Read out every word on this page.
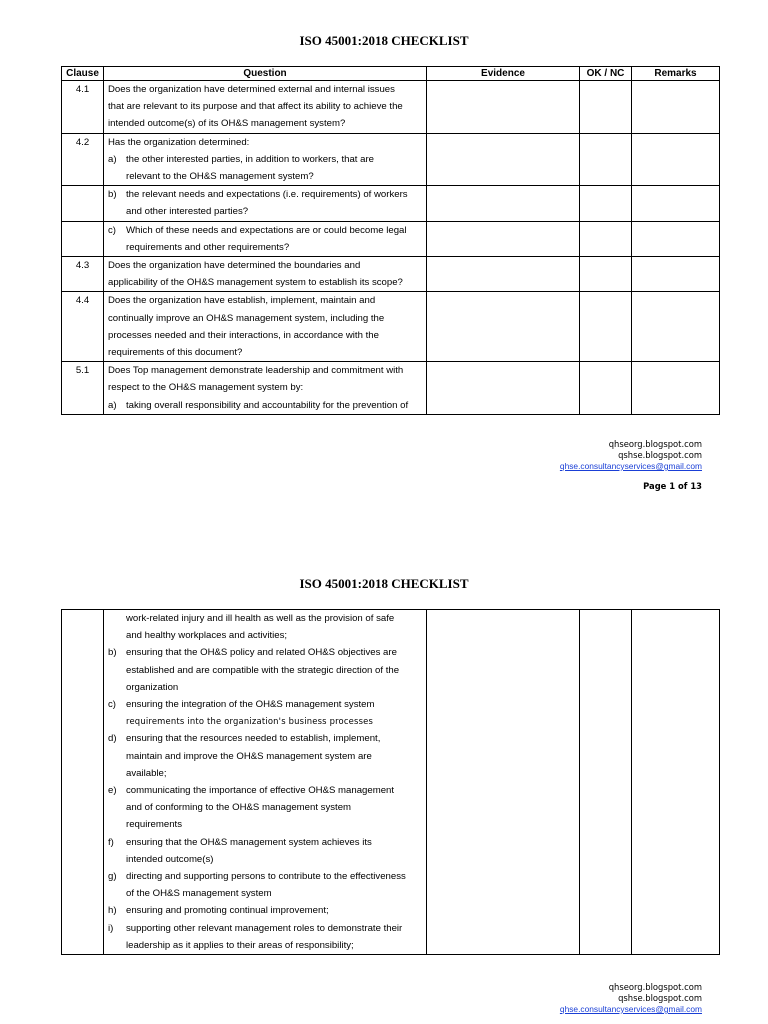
ISO 45001:2018 CHECKLIST
Clause	Question	Evidence	OK / NC	Remarks
4.1	Does the organization have determined external and internal issues
that are relevant to its purpose and that affect its ability to achieve the
intended outcome(s) of its OH&S management system?			

4.2	Has the organization determined:
a) the other interested parties, in addition to workers, that are
relevant to the OH&S management system?			

	b) the relevant needs and expectations (i.e. requirements) of workers
and other interested parties?			

	c) Which of these needs and expectations are or could become legal
requirements and other requirements?			

4.3	Does the organization have determined the boundaries and
applicability of the OH&S management system to establish its scope?			

4.4	Does the organization have establish, implement, maintain and
continually improve an OH&S management system, including the
processes needed and their interactions, in accordance with the
requirements of this document?			

5.1	Does Top management demonstrate leadership and commitment with
respect to the OH&S management system by:
a) taking overall responsibility and accountability for the prevention of			

qhseorg.blogspot.com
qshse.blogspot.com
qhse.consultancyservices@gmail.com
Page 1 of 13
ISO 45001:2018 CHECKLIST

work-related injury and ill health as well as the provision of safe
and healthy workplaces and activities;
b) ensuring that the OH&S policy and related OH&S objectives are
established and are compatible with the strategic direction of the
organization
c)	ensuring the integration of the OH&S management system
requirements into the organization's business processes
d) ensuring that the resources needed to establish, implement,
maintain and improve the OH&S management system are
available;
e) communicating the importance of effective OH&S management
and of conforming to the OH&S management system
requirements
f)	ensuring that the OH&S management system achieves its
intended outcome(s)
g) directing and supporting persons to contribute to the effectiveness
of the OH&S management system
h) ensuring and promoting continual improvement;
i)	supporting other relevant management roles to demonstrate their
leadership as it applies to their areas of responsibility;

qhseorg.blogspot.com
qshse.blogspot.com
qhse.consultancyservices@gmail.com
